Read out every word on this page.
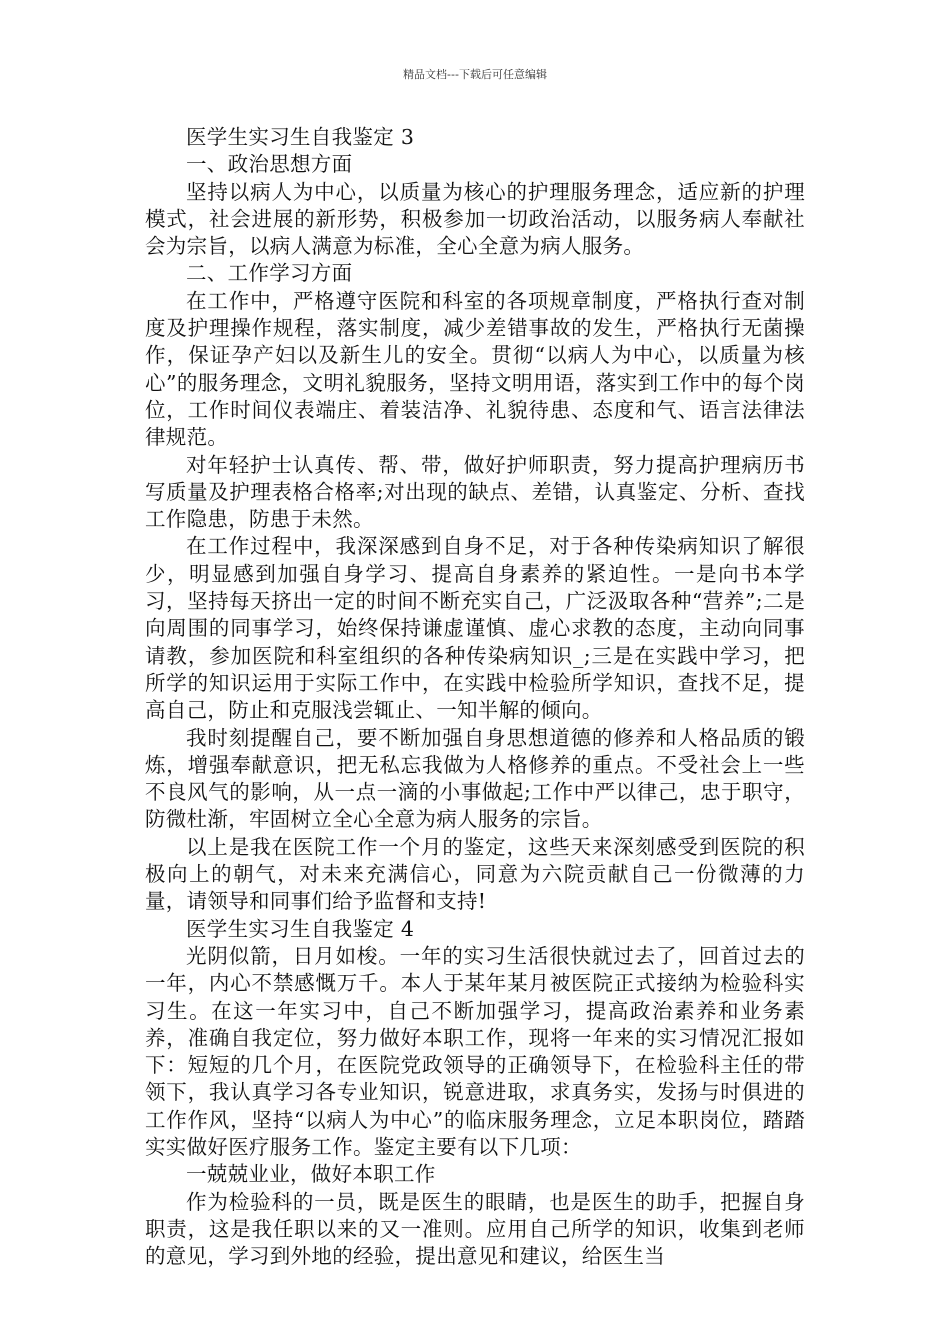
精品文档---下载后可任意编辑

医学生实习生自我鉴定 3

一、政治思想方面

坚持以病人为中心，以质量为核心的护理服务理念，适应新的护理模式，社会进展的新形势，积极参加一切政治活动，以服务病人奉献社会为宗旨，以病人满意为标准，全心全意为病人服务。

二、工作学习方面

在工作中，严格遵守医院和科室的各项规章制度，严格执行查对制度及护理操作规程，落实制度，减少差错事故的发生，严格执行无菌操作，保证孕产妇以及新生儿的安全。贯彻“以病人为中心，以质量为核心”的服务理念，文明礼貌服务，坚持文明用语，落实到工作中的每个岗位，工作时间仪表端庄、着装洁净、礼貌待患、态度和气、语言法律法律规范。

对年轻护士认真传、帮、带，做好护师职责，努力提高护理病历书写质量及护理表格合格率;对出现的缺点、差错，认真鉴定、分析、查找工作隐患，防患于未然。

在工作过程中，我深深感到自身不足，对于各种传染病知识了解很少，明显感到加强自身学习、提高自身素养的紧迫性。一是向书本学习，坚持每天挤出一定的时间不断充实自己，广泛汲取各种“营养”;二是向周围的同事学习，始终保持谦虚谨慎、虚心求教的态度，主动向同事请教，参加医院和科室组织的各种传染病知识_;三是在实践中学习，把所学的知识运用于实际工作中，在实践中检验所学知识，查找不足，提高自己，防止和克服浅尝辄止、一知半解的倾向。

我时刻提醒自己，要不断加强自身思想道德的修养和人格品质的锻炼，增强奉献意识，把无私忘我做为人格修养的重点。不受社会上一些不良风气的影响，从一点一滴的小事做起;工作中严以律己，忠于职守，防微杜渐，牢固树立全心全意为病人服务的宗旨。

以上是我在医院工作一个月的鉴定，这些天来深刻感受到医院的积极向上的朝气，对未来充满信心，同意为六院贡献自己一份微薄的力量，请领导和同事们给予监督和支持!

医学生实习生自我鉴定 4

光阴似箭，日月如梭。一年的实习生活很快就过去了，回首过去的一年，内心不禁感慨万千。本人于某年某月被医院正式接纳为检验科实习生。在这一年实习中，自己不断加强学习，提高政治素养和业务素养，准确自我定位，努力做好本职工作，现将一年来的实习情况汇报如下：短短的几个月，在医院党政领导的正确领导下，在检验科主任的带领下，我认真学习各专业知识，锐意进取，求真务实，发扬与时俱进的工作作风，坚持“以病人为中心”的临床服务理念，立足本职岗位，踏踏实实做好医疗服务工作。鉴定主要有以下几项：

一兢兢业业，做好本职工作

作为检验科的一员，既是医生的眼睛，也是医生的助手，把握自身职责，这是我任职以来的又一准则。应用自己所学的知识，收集到老师的意见，学习到外地的经验，提出意见和建议，给医生当
